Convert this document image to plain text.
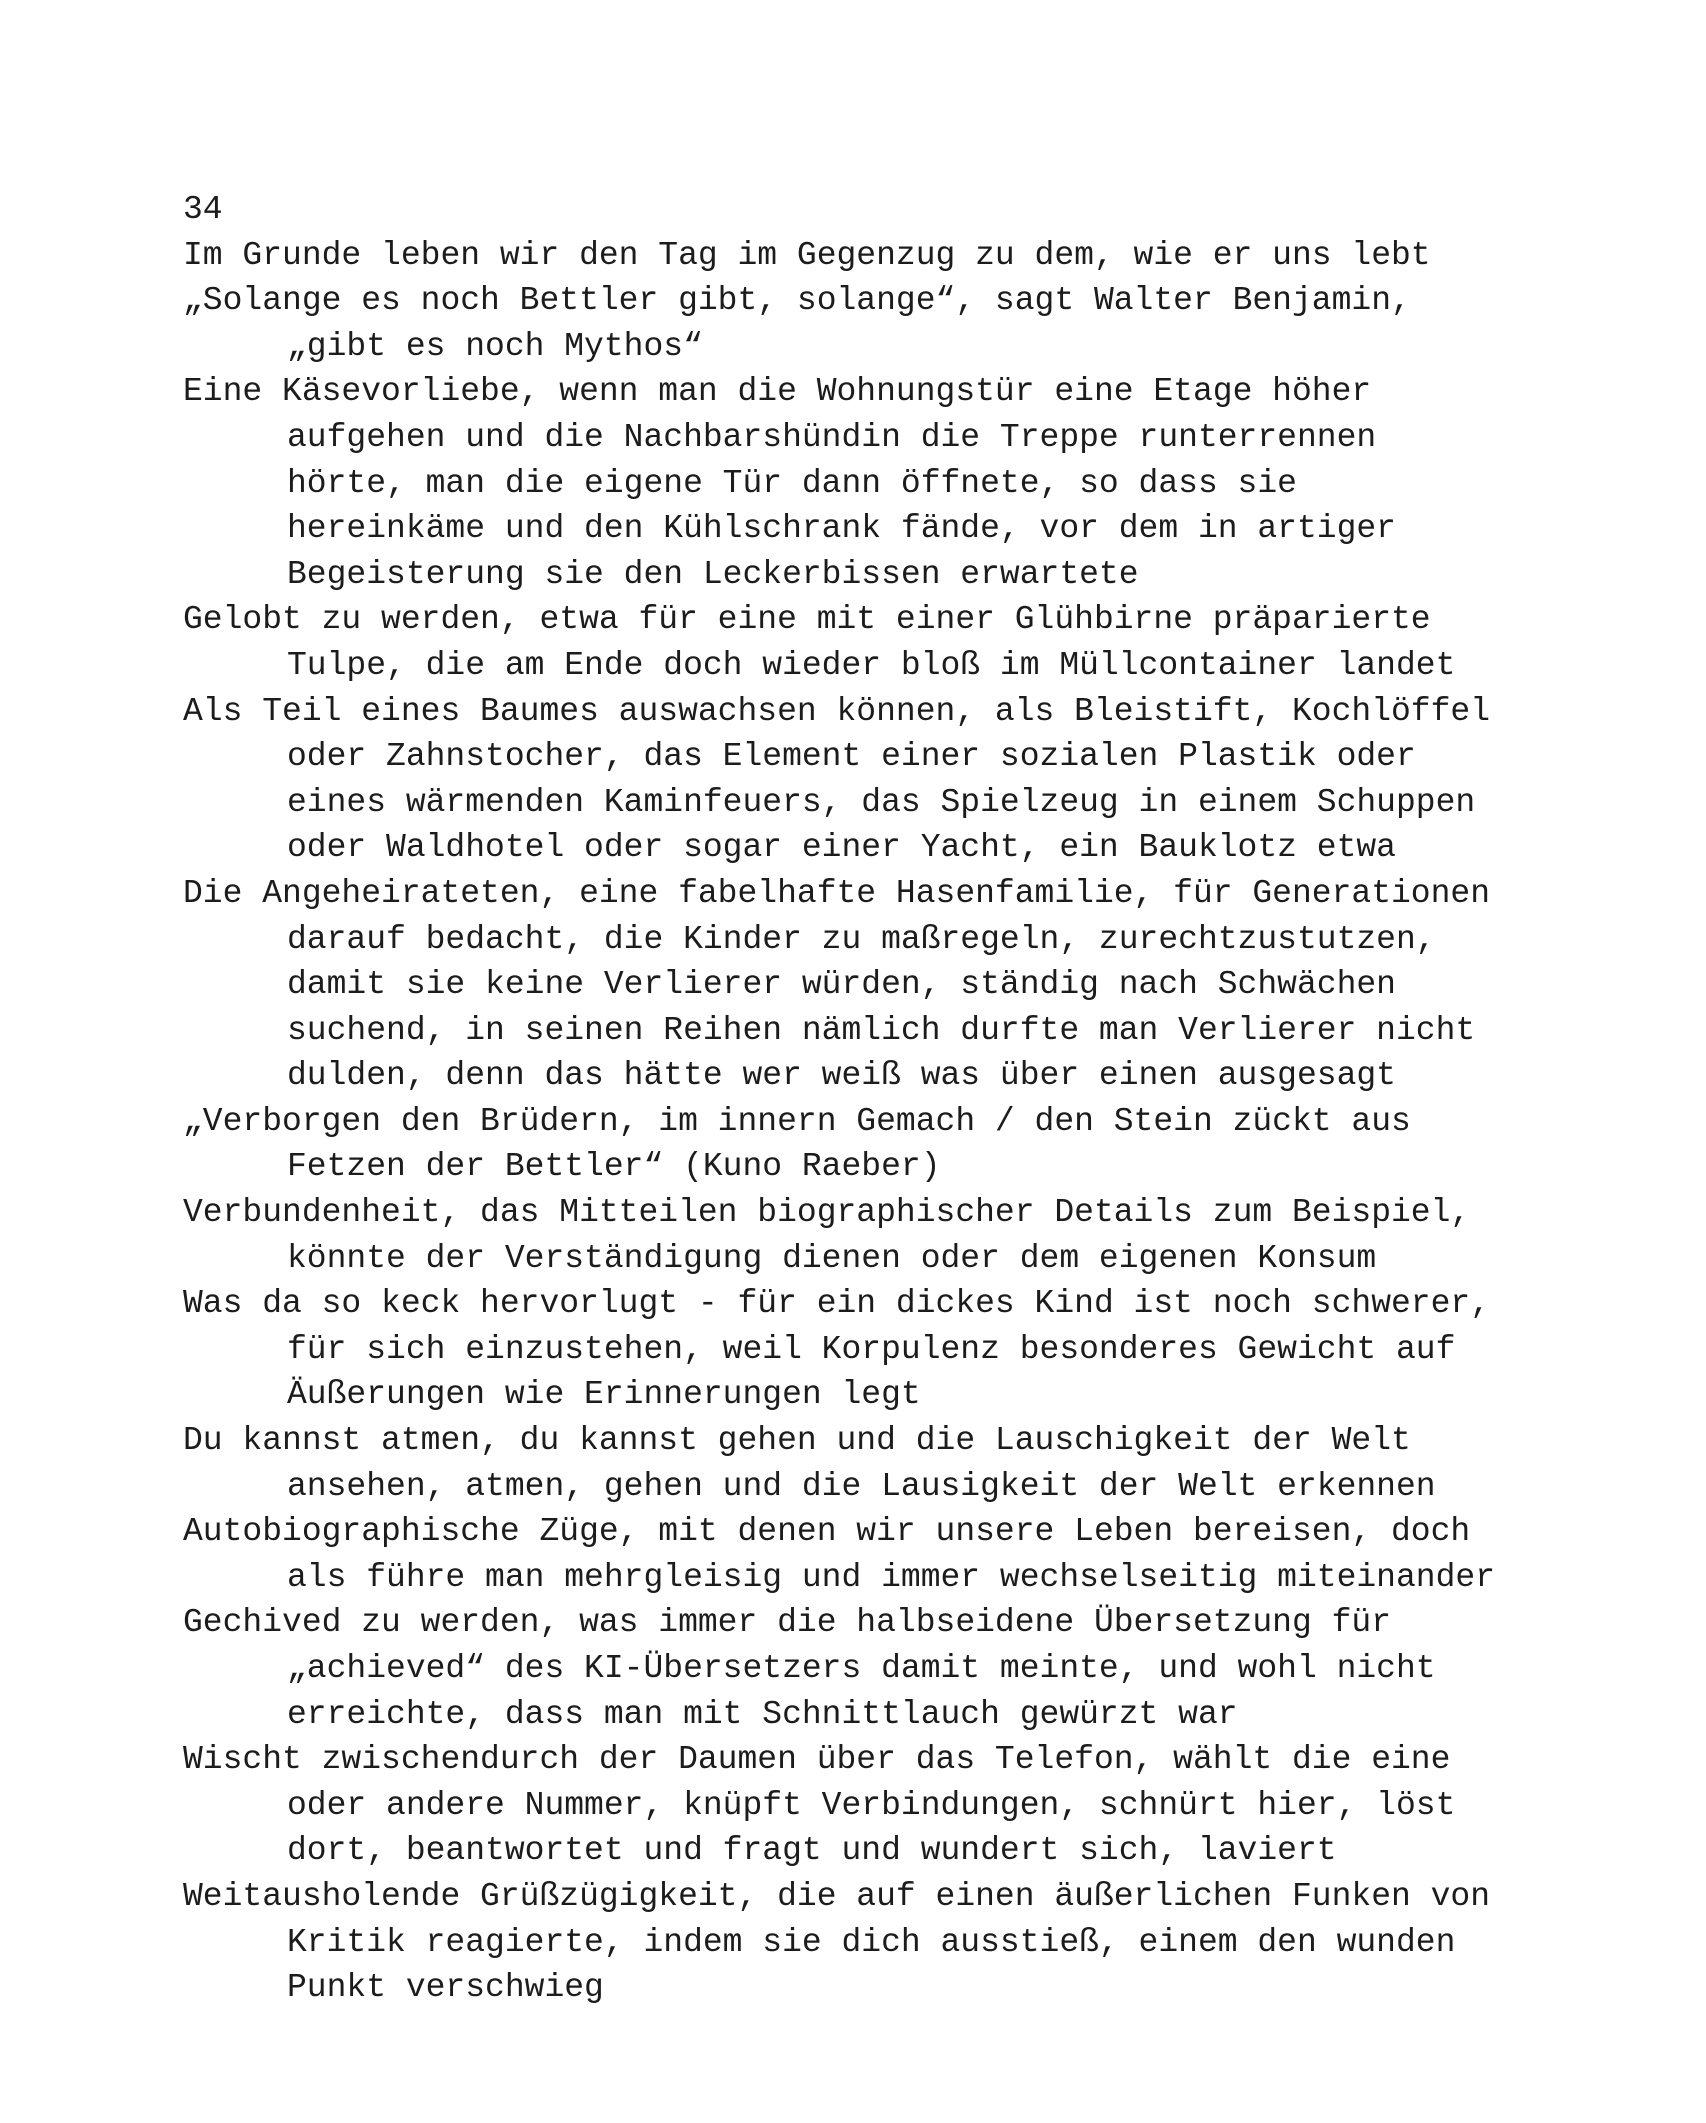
34
Im Grunde leben wir den Tag im Gegenzug zu dem, wie er uns lebt
„Solange es noch Bettler gibt, solange“, sagt Walter Benjamin,
„gibt es noch Mythos“
Eine Käsevorliebe, wenn man die Wohnungstür eine Etage höher
aufgehen und die Nachbarshündin die Treppe runterrennen
hörte, man die eigene Tür dann öffnete, so dass sie
hereinkäme und den Kühlschrank fände, vor dem in artiger
Begeisterung sie den Leckerbissen erwartete
Gelobt zu werden, etwa für eine mit einer Glühbirne präparierte
Tulpe, die am Ende doch wieder bloß im Müllcontainer landet
Als Teil eines Baumes auswachsen können, als Bleistift, Kochlöffel
oder Zahnstocher, das Element einer sozialen Plastik oder
eines wärmenden Kaminfeuers, das Spielzeug in einem Schuppen
oder Waldhotel oder sogar einer Yacht, ein Bauklotz etwa
Die Angeheirateten, eine fabelhafte Hasenfamilie, für Generationen
darauf bedacht, die Kinder zu maßregeln, zurechtzustutzen,
damit sie keine Verlierer würden, ständig nach Schwächen
suchend, in seinen Reihen nämlich durfte man Verlierer nicht
dulden, denn das hätte wer weiß was über einen ausgesagt
„Verborgen den Brüdern, im innern Gemach / den Stein zückt aus
Fetzen der Bettler“ (Kuno Raeber)
Verbundenheit, das Mitteilen biographischer Details zum Beispiel,
könnte der Verständigung dienen oder dem eigenen Konsum
Was da so keck hervorlugt - für ein dickes Kind ist noch schwerer,
für sich einzustehen, weil Korpulenz besonderes Gewicht auf
Äußerungen wie Erinnerungen legt
Du kannst atmen, du kannst gehen und die Lauschigkeit der Welt
ansehen, atmen, gehen und die Lausigkeit der Welt erkennen
Autobiographische Züge, mit denen wir unsere Leben bereisen, doch
als führe man mehrgleisig und immer wechselseitig miteinander
Gechived zu werden, was immer die halbseidene Übersetzung für
„achieved“ des KI-Übersetzers damit meinte, und wohl nicht
erreichte, dass man mit Schnittlauch gewürzt war
Wischt zwischendurch der Daumen über das Telefon, wählt die eine
oder andere Nummer, knüpft Verbindungen, schnürt hier, löst
dort, beantwortet und fragt und wundert sich, laviert
Weitausholende Grüßzügigkeit, die auf einen äußerlichen Funken von
Kritik reagierte, indem sie dich ausstieß, einem den wunden
Punkt verschwieg
